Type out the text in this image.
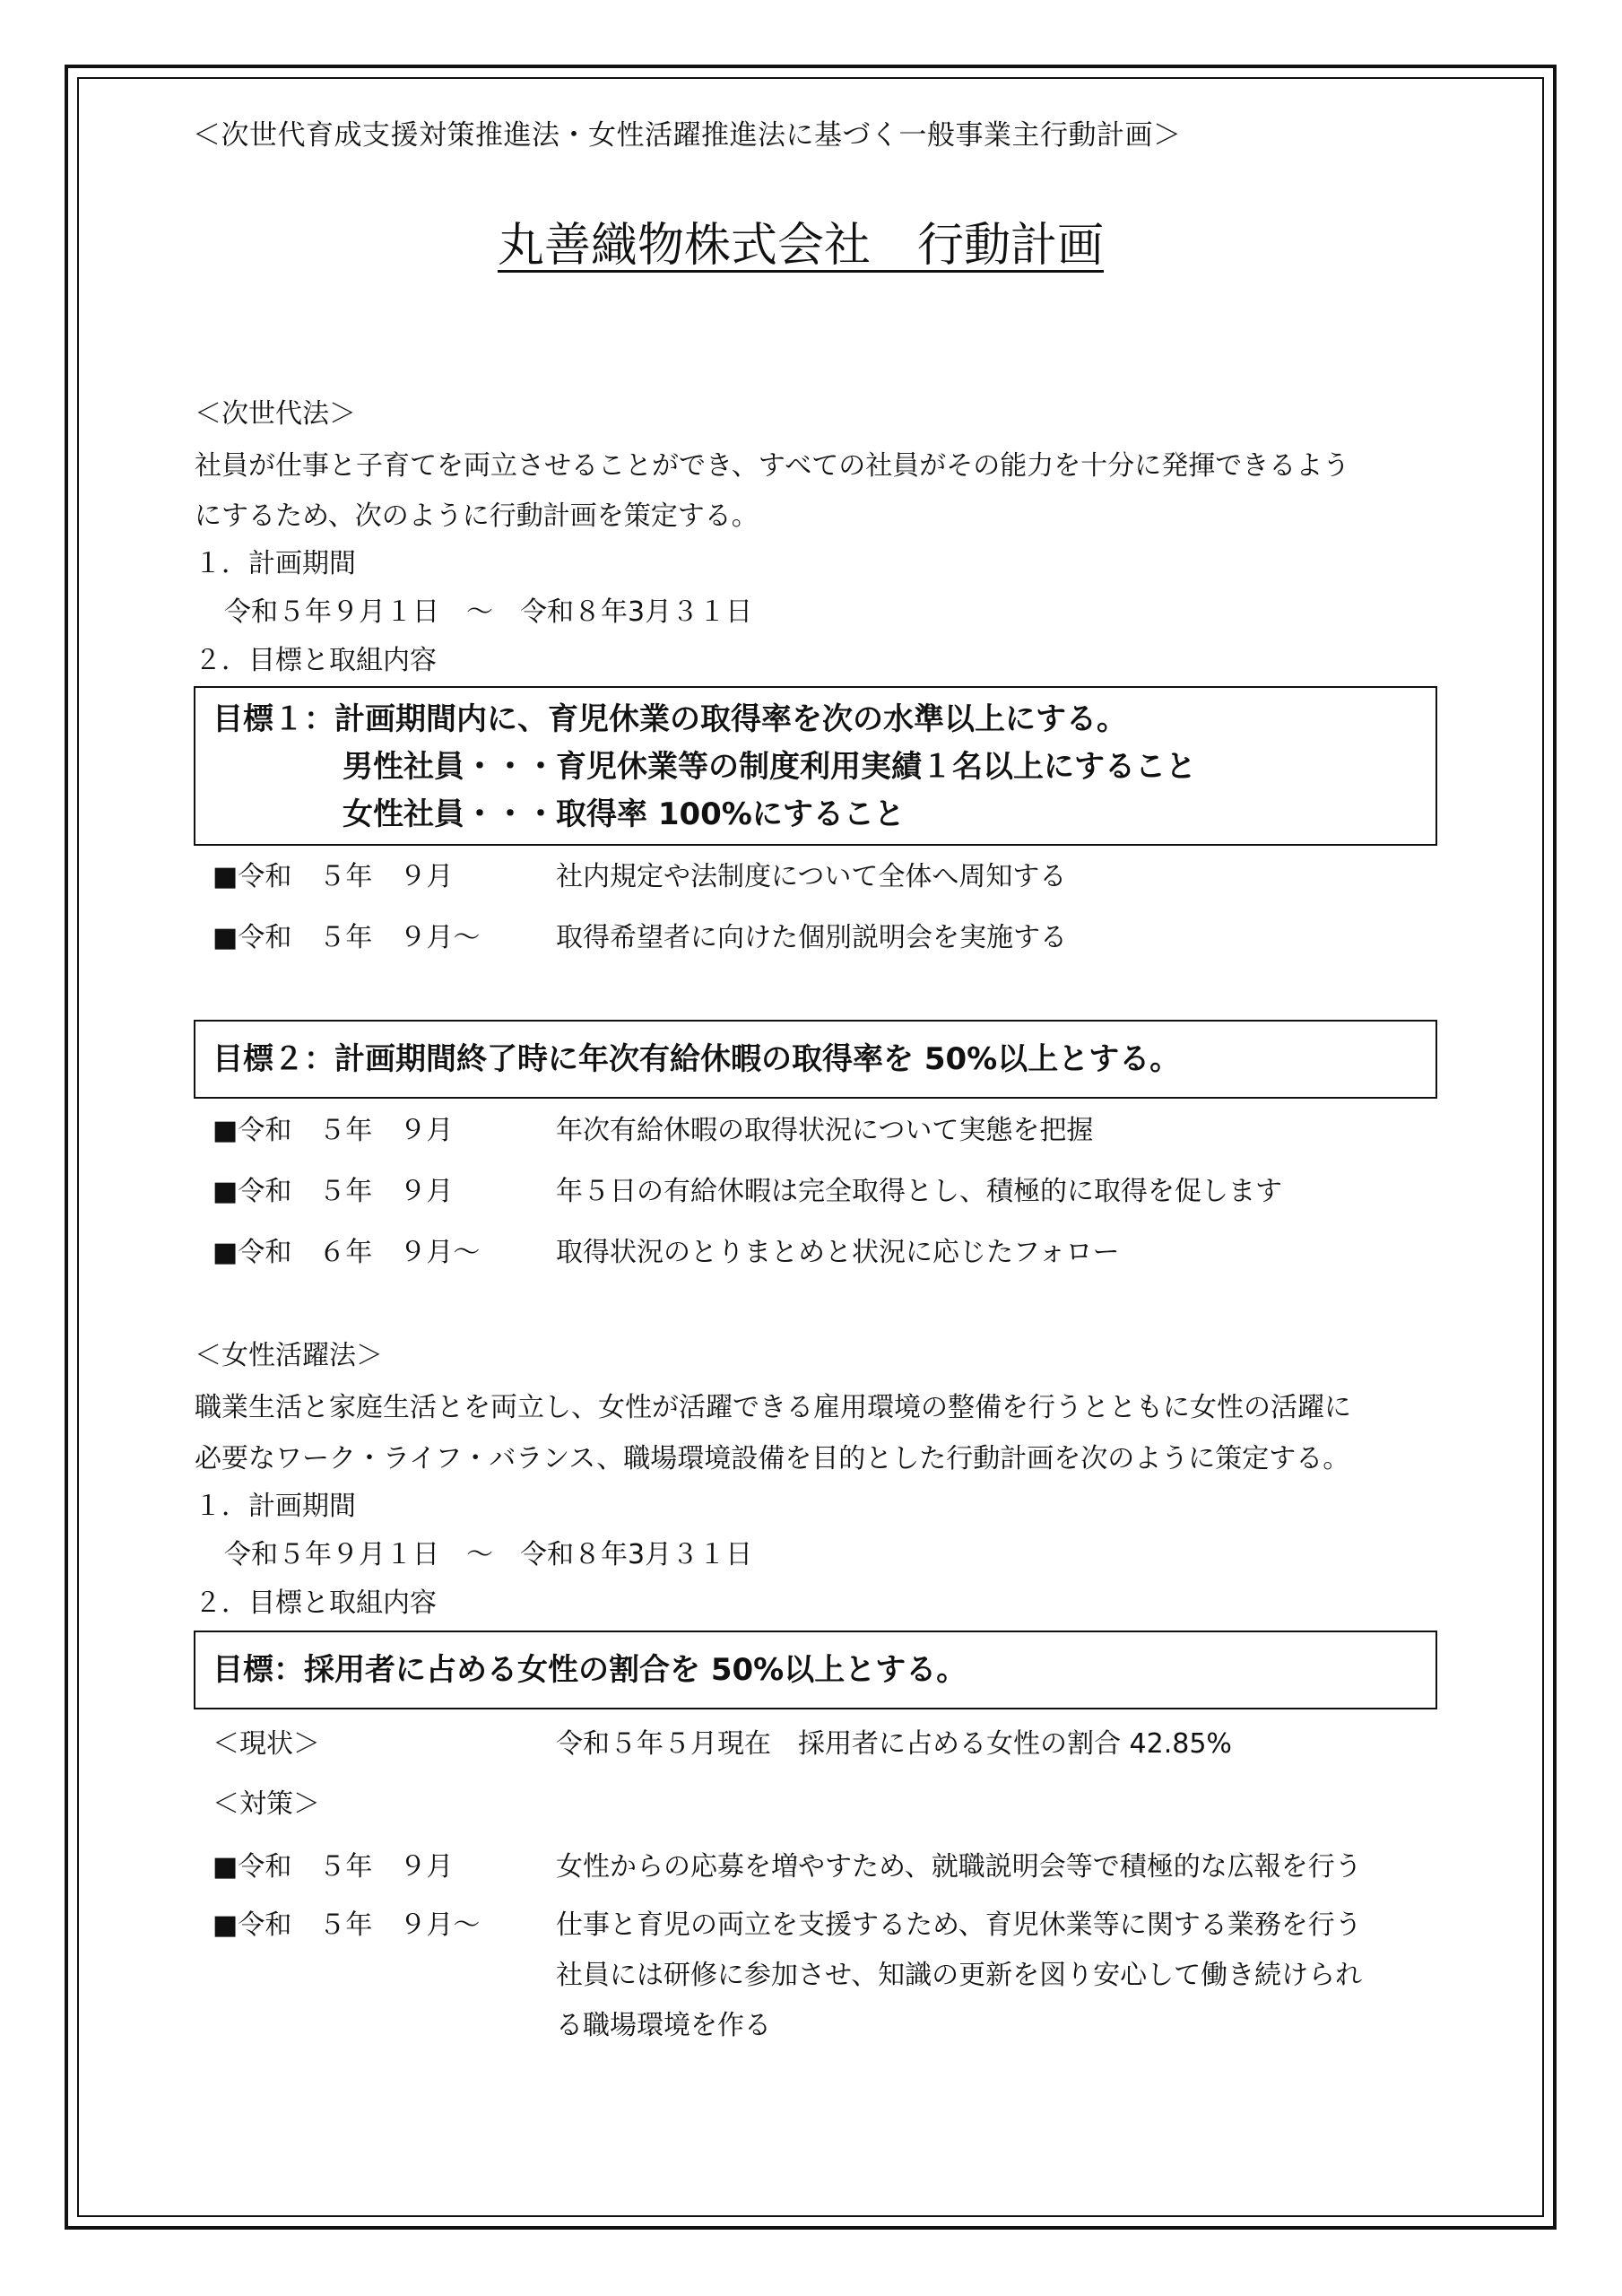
＜次世代育成支援対策推進法・女性活躍推進法に基づく一般事業主行動計画＞
丸善織物株式会社　行動計画
＜次世代法＞
社員が仕事と子育てを両立させることができ、すべての社員がその能力を十分に発揮できるよう
にするため、次のように行動計画を策定する。
１．計画期間
令和５年９月１日　～　令和８年3月３１日
２．目標と取組内容
目標１：計画期間内に、育児休業の取得率を次の水準以上にする。
男性社員・・・育児休業等の制度利用実績１名以上にすること
女性社員・・・取得率 100%にすること
■令和　５年　９月	社内規定や法制度について全体へ周知する
■令和　５年　９月～	取得希望者に向けた個別説明会を実施する
目標２：計画期間終了時に年次有給休暇の取得率を 50%以上とする。
■令和　５年　９月	年次有給休暇の取得状況について実態を把握
■令和　５年　９月	年５日の有給休暇は完全取得とし、積極的に取得を促します
■令和　６年　９月～	取得状況のとりまとめと状況に応じたフォロー
＜女性活躍法＞
職業生活と家庭生活とを両立し、女性が活躍できる雇用環境の整備を行うとともに女性の活躍に
必要なワーク・ライフ・バランス、職場環境設備を目的とした行動計画を次のように策定する。
１．計画期間
令和５年９月１日　～　令和８年3月３１日
２．目標と取組内容
目標：採用者に占める女性の割合を 50%以上とする。
＜現状＞	令和５年５月現在　採用者に占める女性の割合 42.85%
＜対策＞
■令和　５年　９月	女性からの応募を増やすため、就職説明会等で積極的な広報を行う
■令和　５年　９月～	仕事と育児の両立を支援するため、育児休業等に関する業務を行う
社員には研修に参加させ、知識の更新を図り安心して働き続けられ
る職場環境を作る
